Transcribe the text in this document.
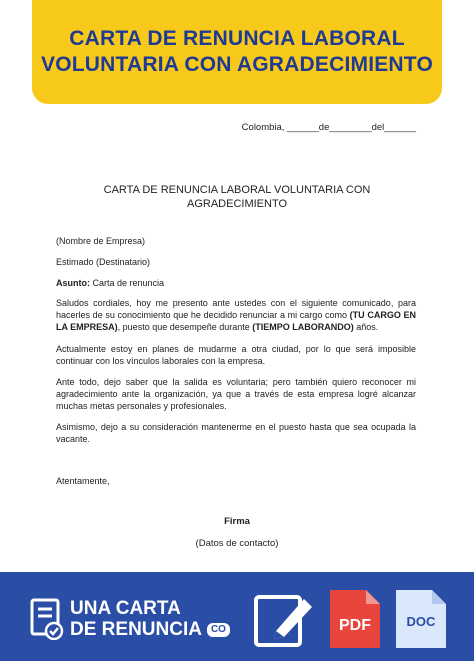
CARTA DE RENUNCIA LABORAL
VOLUNTARIA CON AGRADECIMIENTO
Colombia, ______de________del______
CARTA DE RENUNCIA LABORAL VOLUNTARIA CON
AGRADECIMIENTO
(Nombre de Empresa)
Estimado (Destinatario)
Asunto: Carta de renuncia
Saludos cordiales, hoy me presento ante ustedes con el siguiente comunicado, para hacerles de su conocimiento que he decidido renunciar a mi cargo como (TU CARGO EN LA EMPRESA), puesto que desempeñe durante (TIEMPO LABORANDO) años.
Actualmente estoy en planes de mudarme a otra ciudad, por lo que será imposible continuar con los vínculos laborales con la empresa.
Ante todo, dejo saber que la salida es voluntaria; pero también quiero reconocer mi agradecimiento ante la organización, ya que a través de esta empresa logré alcanzar muchas metas personales y profesionales.
Asimismo, dejo a su consideración mantenerme en el puesto hasta que sea ocupada la vacante.
Atentamente,
Firma
(Datos de contacto)
UNA CARTA
DE RENUNCIA CO	PDF	DOC
